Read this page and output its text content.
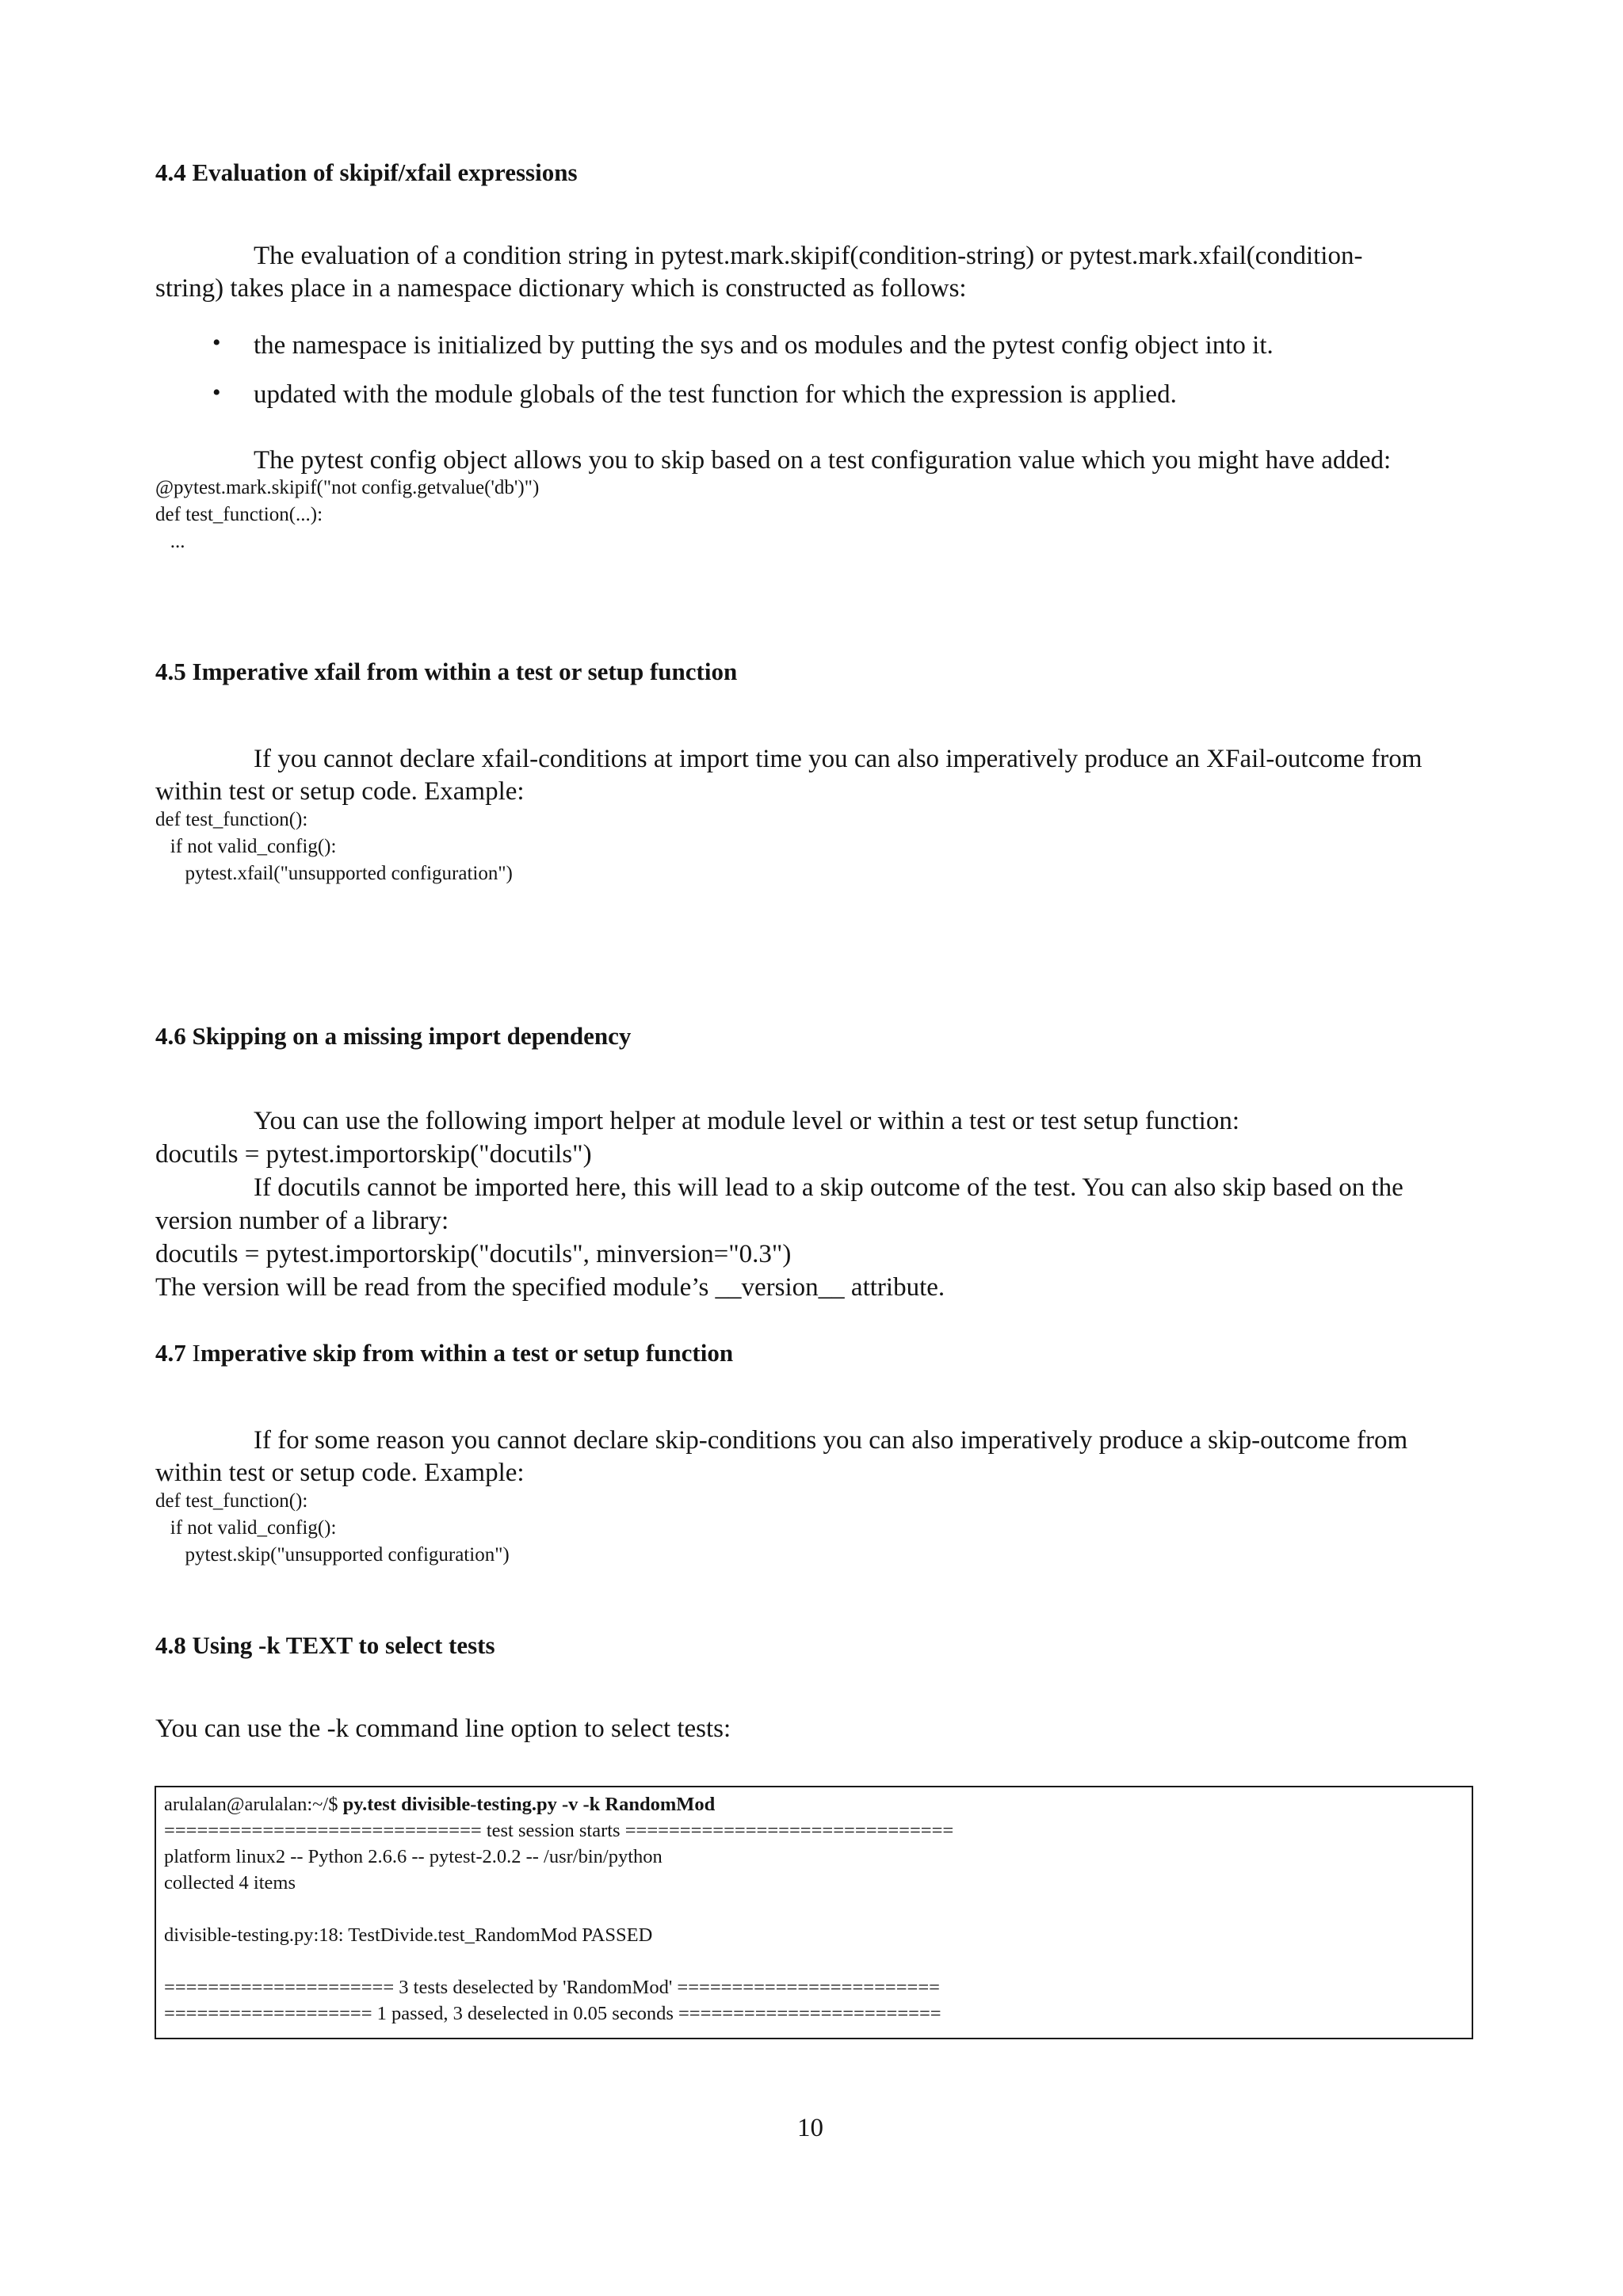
4.4 Evaluation of skipif/xfail expressions
The evaluation of a condition string in pytest.mark.skipif(condition-string) or pytest.mark.xfail(condition-
string) takes place in a namespace dictionary which is constructed as follows:
• the namespace is initialized by putting the sys and os modules and the pytest config object into it.
• updated with the module globals of the test function for which the expression is applied.
The pytest config object allows you to skip based on a test configuration value which you might have added:
@pytest.mark.skipif("not config.getvalue('db')")
def test_function(...):
...
4.5 Imperative xfail from within a test or setup function
If you cannot declare xfail-conditions at import time you can also imperatively produce an XFail-outcome from
within test or setup code. Example:
def test_function():
if not valid_config():
pytest.xfail("unsupported configuration")
4.6 Skipping on a missing import dependency
You can use the following import helper at module level or within a test or test setup function:
docutils = pytest.importorskip("docutils")
If docutils cannot be imported here, this will lead to a skip outcome of the test. You can also skip based on the
version number of a library:
docutils = pytest.importorskip("docutils", minversion="0.3")
The version will be read from the specified module’s __version__ attribute.
4.7 Imperative skip from within a test or setup function
If for some reason you cannot declare skip-conditions you can also imperatively produce a skip-outcome from
within test or setup code. Example:
def test_function():
if not valid_config():
pytest.skip("unsupported configuration")
4.8 Using -k TEXT to select tests
You can use the -k command line option to select tests:
arulalan@arulalan:~/$ py.test divisible-testing.py -v -k RandomMod
============================= test session starts ==============================
platform linux2 -- Python 2.6.6 -- pytest-2.0.2 -- /usr/bin/python
collected 4 items
divisible-testing.py:18: TestDivide.test_RandomMod PASSED
===================== 3 tests deselected by 'RandomMod' ========================
=================== 1 passed, 3 deselected in 0.05 seconds ========================
10
